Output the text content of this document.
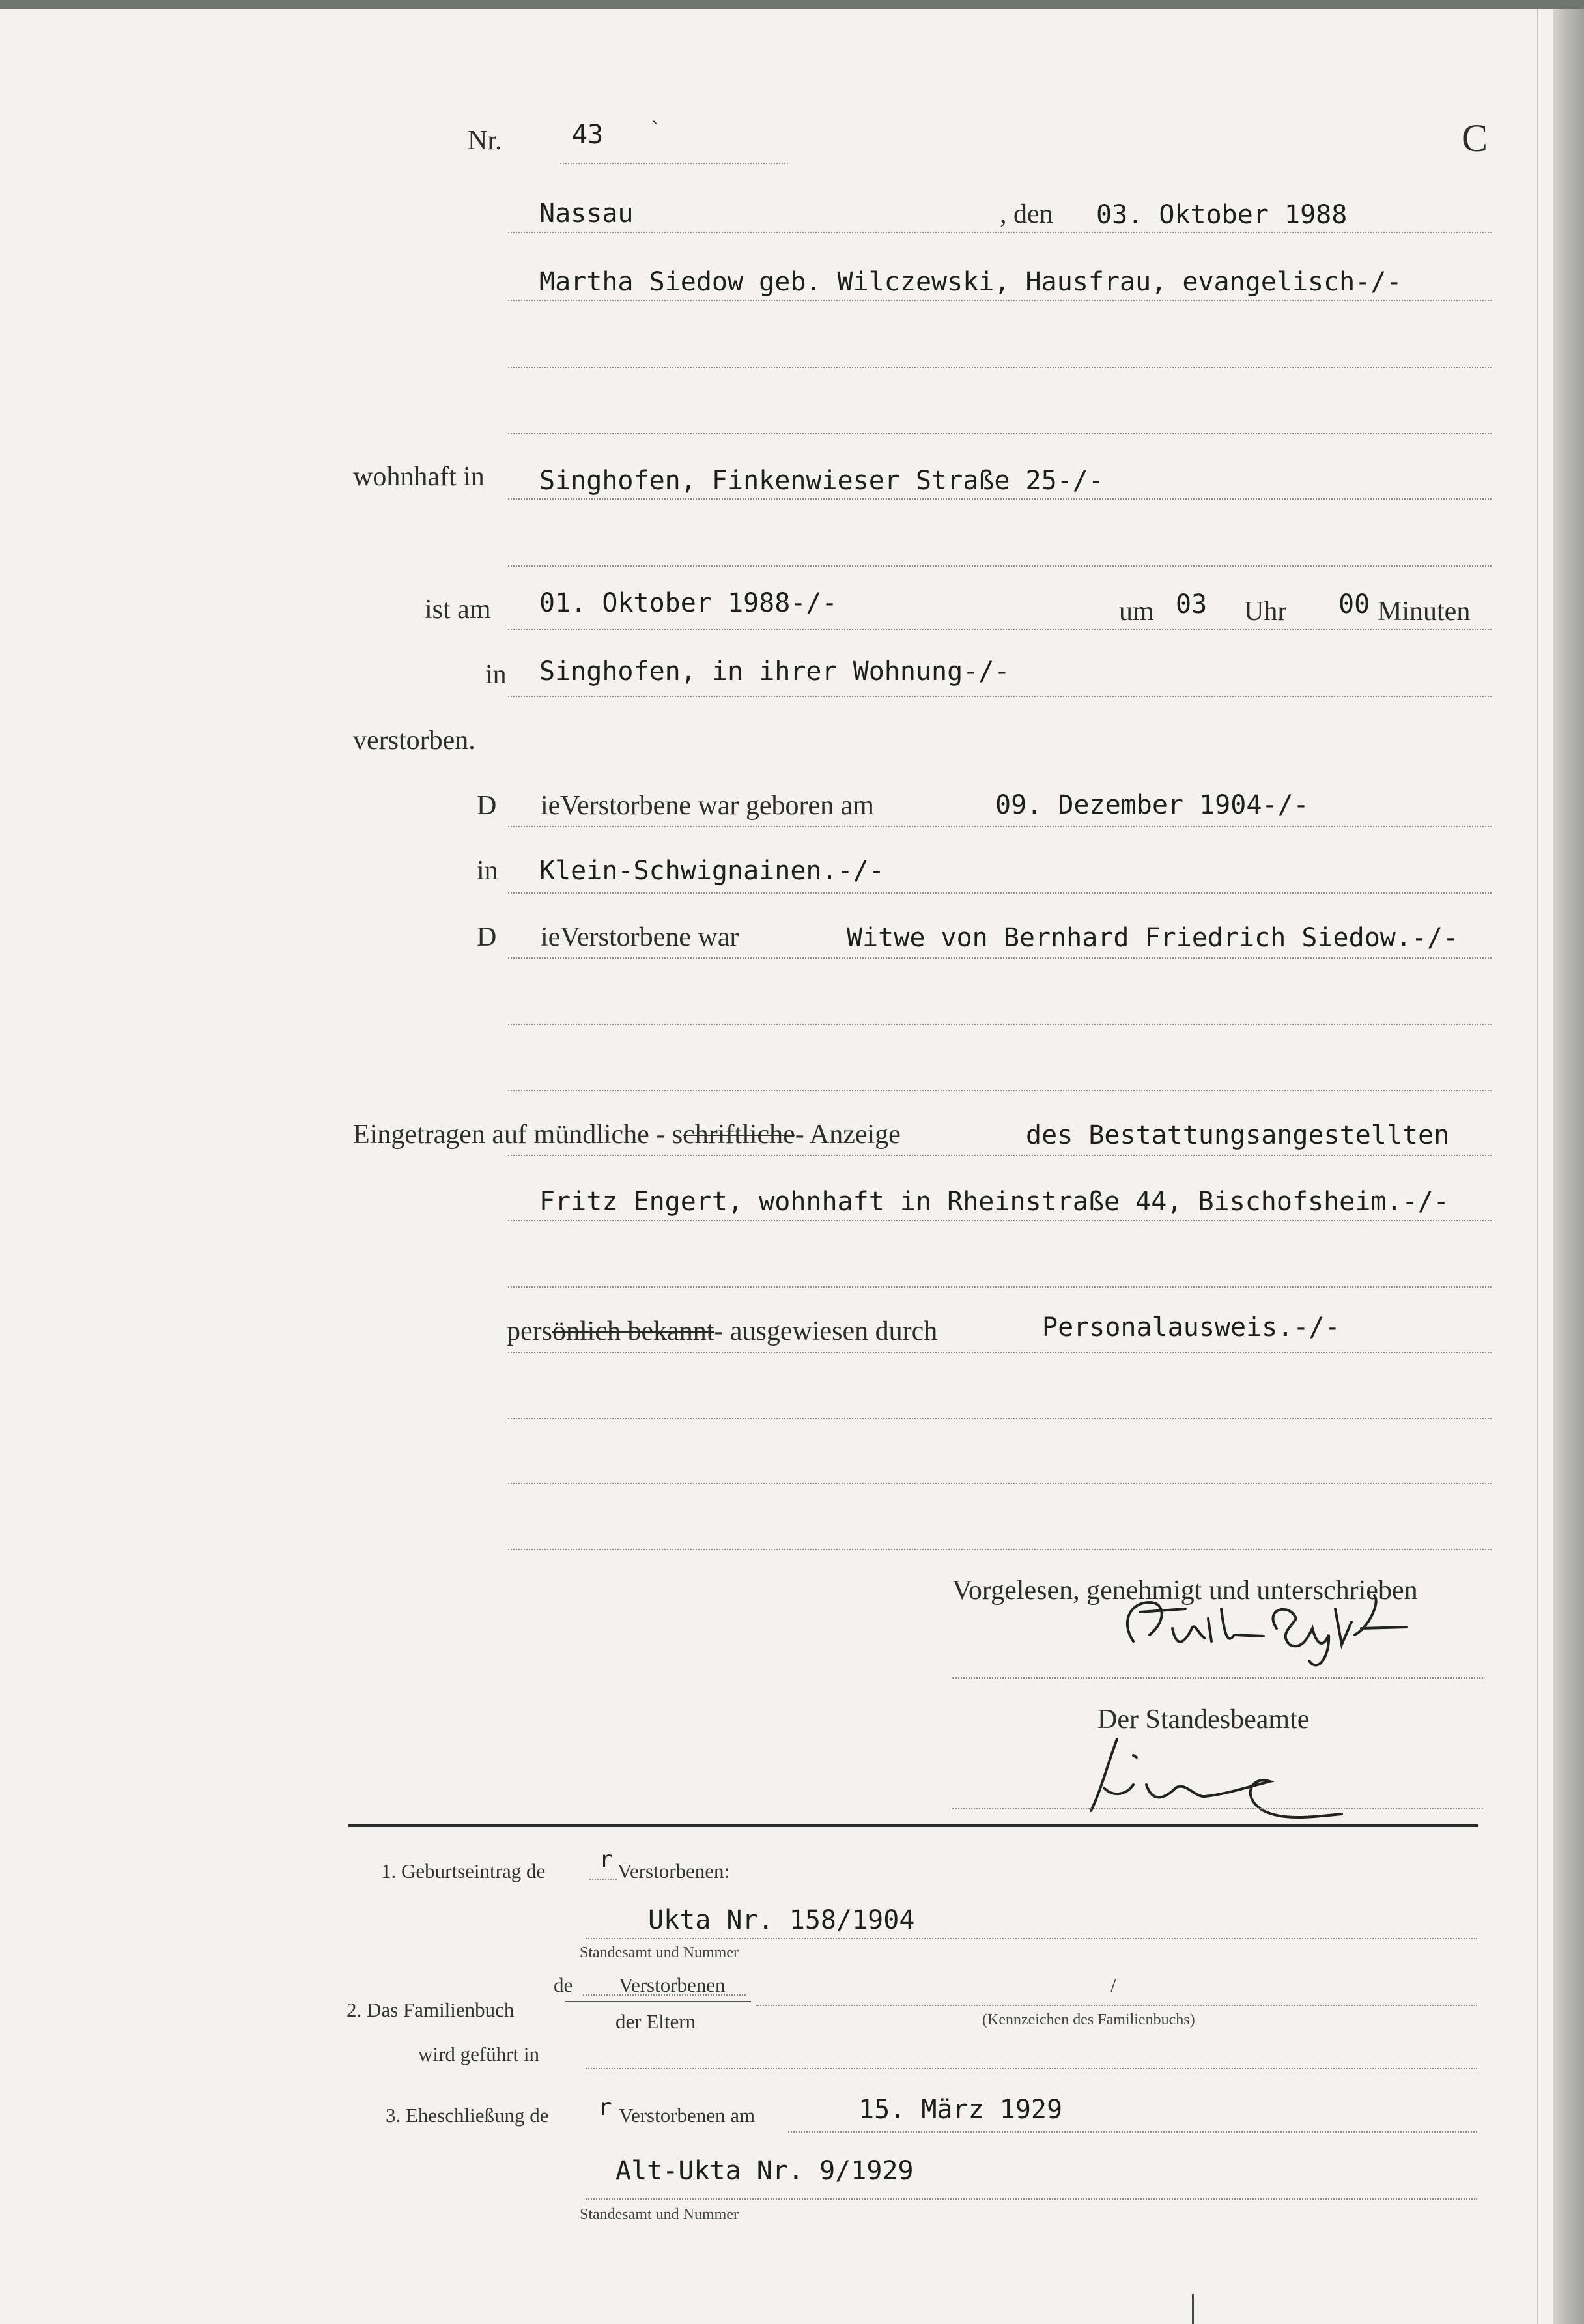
Nr.	43 ˋ	C
Nassau	, den 03. Oktober 1988
Martha Siedow geb. Wilczewski, Hausfrau, evangelisch-/-
wohnhaft in Singhofen, Finkenwieser Straße 25-/-
ist am 01. Oktober 1988-/-	um 03 Uhr 00 Minuten
in Singhofen, in ihrer Wohnung-/-
verstorben.
D ieVerstorbene war geboren am	09. Dezember 1904-/-
in Klein-Schwignainen.-/-
D ieVerstorbene war	Witwe von Bernhard Friedrich Siedow.-/-
Eingetragen auf mündliche - schriftliche- Anzeige	des Bestattungsangestellten
Fritz Engert, wohnhaft in Rheinstraße 44, Bischofsheim.-/-
persönlich bekannt- ausgewiesen durch	Personalausweis.-/-
Vorgelesen, genehmigt und unterschrieben
Der Standesbeamte
1. Geburtseintrag de r Verstorbenen:
Ukta Nr. 158/1904
Standesamt und Nummer
de Verstorbenen
2. Das Familienbuch
der Eltern
/
(Kennzeichen des Familienbuchs)
wird geführt in
3. Eheschließung de r Verstorbenen am	15. März 1929
Alt-Ukta Nr. 9/1929
Standesamt und Nummer
